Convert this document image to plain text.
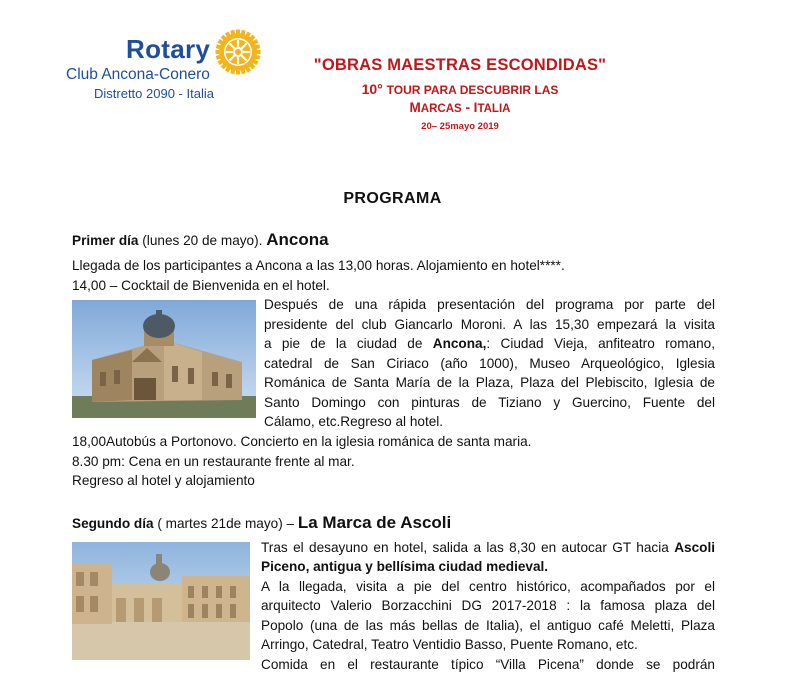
Rotary
Club Ancona-Conero
Distretto 2090 - Italia
"OBRAS MAESTRAS ESCONDIDAS"
10° TOUR PARA DESCUBRIR LAS
MARCAS - ITALIA
20– 25mayo 2019
PROGRAMA
Primer día (lunes 20 de mayo). Ancona
Llegada de los participantes a Ancona a las 13,00 horas. Alojamiento en hotel****.
14,00 – Cocktail de Bienvenida en el hotel.
Después de una rápida presentación del programa por parte del
presidente del club Giancarlo Moroni. A las 15,30 empezará la visita
a pie de la ciudad de Ancona,: Ciudad Vieja, anfiteatro romano,
catedral de San Ciriaco (año 1000), Museo Arqueológico, Iglesia
Románica de Santa María de la Plaza, Plaza del Plebiscito, Iglesia de
Santo Domingo con pinturas de Tiziano y Guercino, Fuente del
Cálamo, etc.Regreso al hotel.
18,00Autobús a Portonovo. Concierto en la iglesia románica de santa maria.
8.30 pm: Cena en un restaurante frente al mar.
Regreso al hotel y alojamiento
Segundo día ( martes 21de mayo) – La Marca de Ascoli
Tras el desayuno en hotel, salida a las 8,30 en autocar GT hacia Ascoli
Piceno, antigua y bellísima ciudad medieval.
A la llegada, visita a pie del centro histórico, acompañados por el
arquitecto Valerio Borzacchini DG 2017-2018 : la famosa plaza del
Popolo (una de las más bellas de Italia), el antiguo café Meletti, Plaza
Arringo, Catedral, Teatro Ventidio Basso, Puente Romano, etc.
Comida en el restaurante típico “Villa Picena” donde se podrán
